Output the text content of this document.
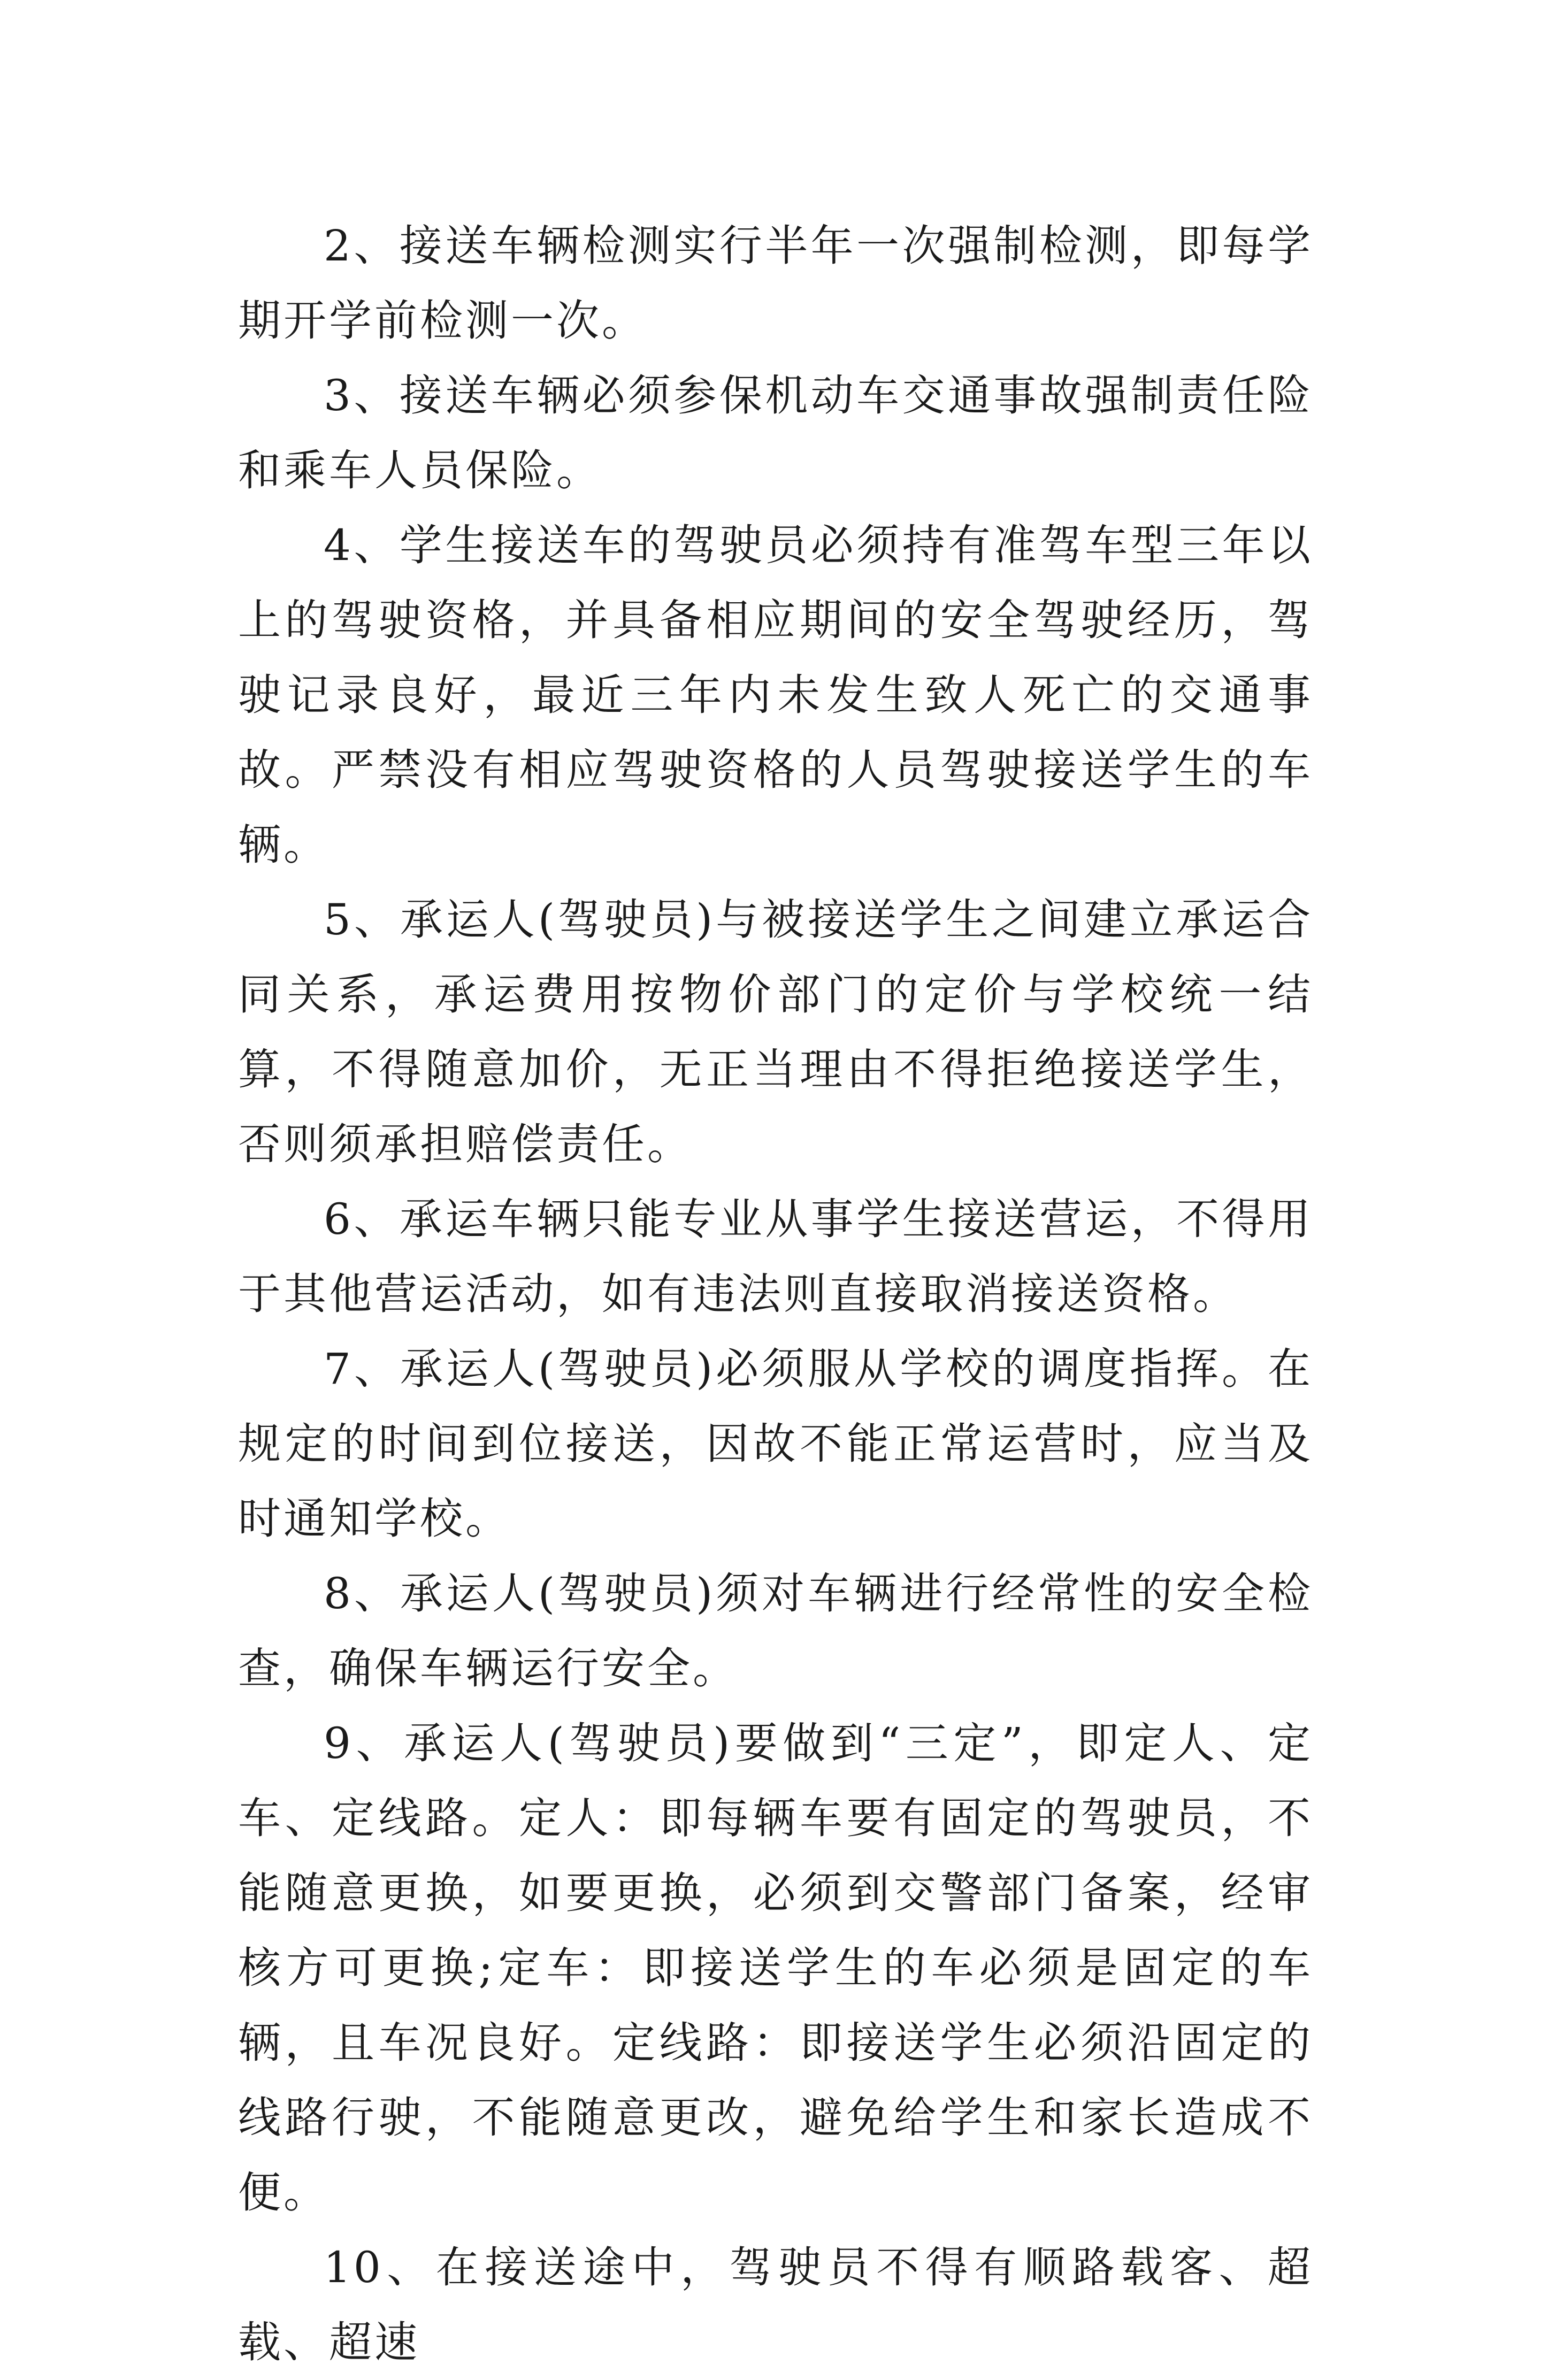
2、接送车辆检测实行半年一次强制检测，即每学期开学前检测一次。

3、接送车辆必须参保机动车交通事故强制责任险和乘车人员保险。

4、学生接送车的驾驶员必须持有准驾车型三年以上的驾驶资格，并具备相应期间的安全驾驶经历，驾驶记录良好，最近三年内未发生致人死亡的交通事故。严禁没有相应驾驶资格的人员驾驶接送学生的车辆。

5、承运人(驾驶员)与被接送学生之间建立承运合同关系，承运费用按物价部门的定价与学校统一结算，不得随意加价，无正当理由不得拒绝接送学生，否则须承担赔偿责任。

6、承运车辆只能专业从事学生接送营运，不得用于其他营运活动，如有违法则直接取消接送资格。

7、承运人(驾驶员)必须服从学校的调度指挥。在规定的时间到位接送，因故不能正常运营时，应当及时通知学校。

8、承运人(驾驶员)须对车辆进行经常性的安全检查，确保车辆运行安全。

9、承运人(驾驶员)要做到“三定”，即定人、定车、定线路。定人：即每辆车要有固定的驾驶员，不能随意更换，如要更换，必须到交警部门备案，经审核方可更换;定车：即接送学生的车必须是固定的车辆，且车况良好。定线路：即接送学生必须沿固定的线路行驶，不能随意更改，避免给学生和家长造成不便。

10、在接送途中，驾驶员不得有顺路载客、超载、超速
